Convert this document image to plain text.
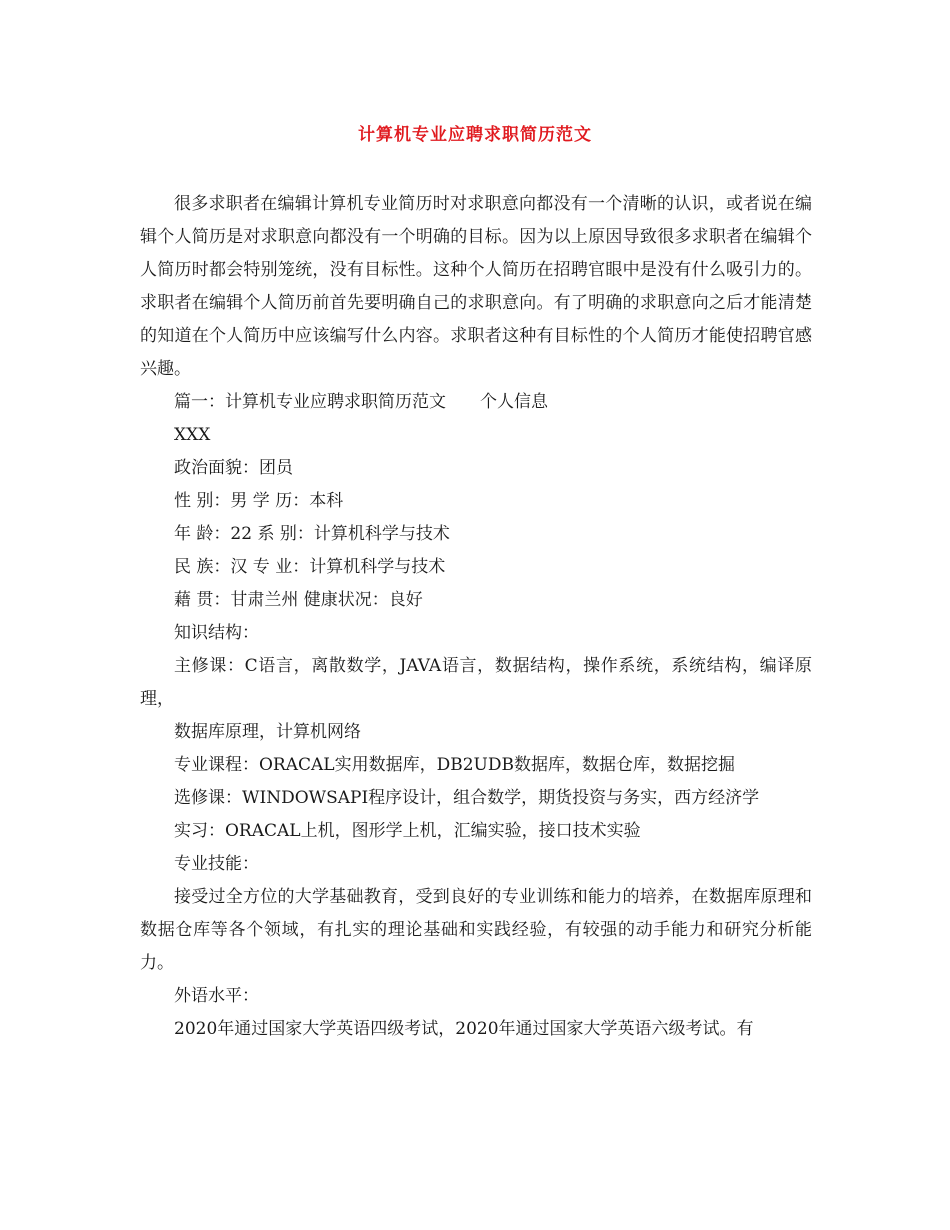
计算机专业应聘求职简历范文

很多求职者在编辑计算机专业简历时对求职意向都没有一个清晰的认识，或者说在编辑个人简历是对求职意向都没有一个明确的目标。因为以上原因导致很多求职者在编辑个人简历时都会特别笼统，没有目标性。这种个人简历在招聘官眼中是没有什么吸引力的。求职者在编辑个人简历前首先要明确自己的求职意向。有了明确的求职意向之后才能清楚的知道在个人简历中应该编写什么内容。求职者这种有目标性的个人简历才能使招聘官感兴趣。

篇一：计算机专业应聘求职简历范文 个人信息

XXX

政治面貌：团员

性 别：男 学 历：本科

年 龄：22 系 别：计算机科学与技术

民 族：汉 专 业：计算机科学与技术

藉 贯：甘肃兰州 健康状况：良好

知识结构：

主修课：C语言，离散数学，JAVA语言，数据结构，操作系统，系统结构，编译原理，

数据库原理，计算机网络

专业课程：ORACAL实用数据库，DB2UDB数据库，数据仓库，数据挖掘

选修课：WINDOWSAPI程序设计，组合数学，期货投资与务实，西方经济学

实习：ORACAL上机，图形学上机，汇编实验，接口技术实验

专业技能：

接受过全方位的大学基础教育，受到良好的专业训练和能力的培养，在数据库原理和数据仓库等各个领域，有扎实的理论基础和实践经验，有较强的动手能力和研究分析能力。

外语水平：

2020年通过国家大学英语四级考试，2020年通过国家大学英语六级考试。有
